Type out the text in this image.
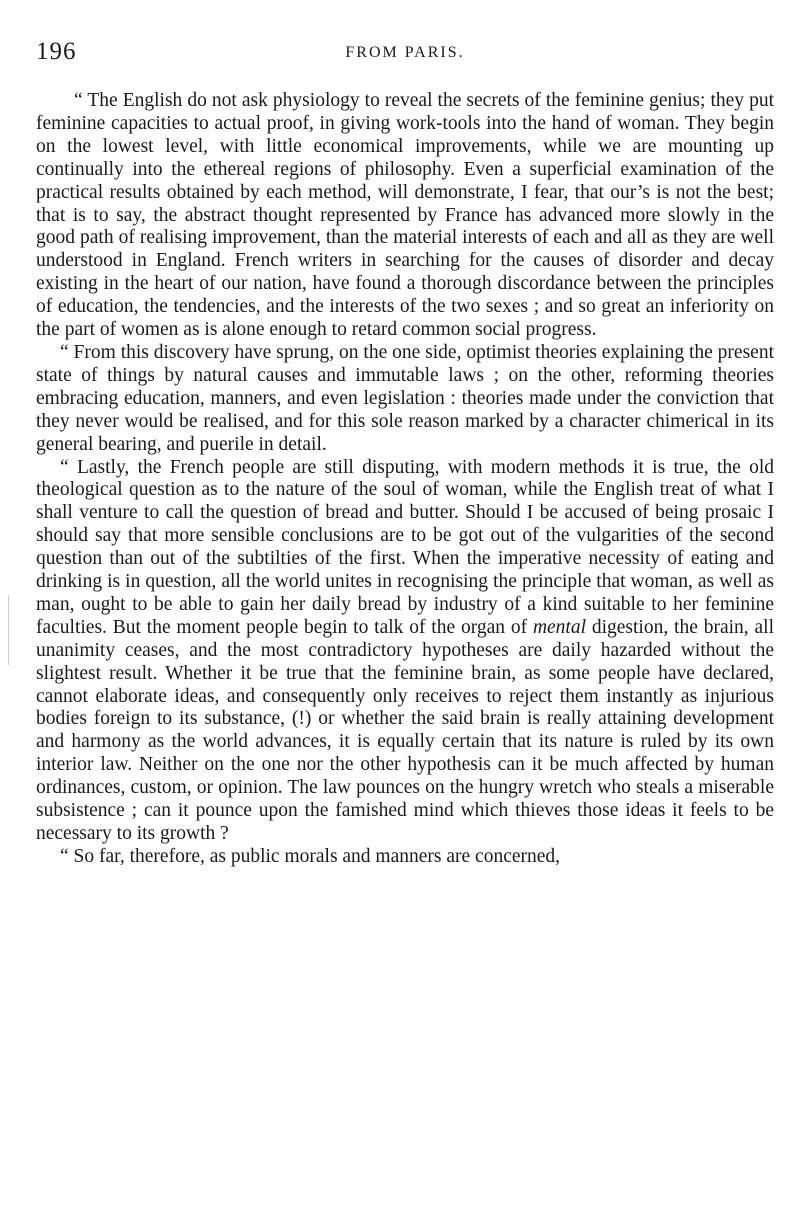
196	FROM PARIS.

“ The English do not ask physiology to reveal the secrets of the feminine genius; they put feminine capacities to actual proof, in giving work-tools into the hand of woman. They begin on the lowest level, with little economical improvements, while we are mounting up continually into the ethereal regions of philosophy. Even a superficial examination of the practical results obtained by each method, will demonstrate, I fear, that our’s is not the best; that is to say, the abstract thought represented by France has advanced more slowly in the good path of realising improvement, than the material interests of each and all as they are well understood in England. French writers in searching for the causes of disorder and decay existing in the heart of our nation, have found a thorough discordance between the principles of education, the tendencies, and the interests of the two sexes ; and so great an inferiority on the part of women as is alone enough to retard common social progress.

“ From this discovery have sprung, on the one side, optimist theories explaining the present state of things by natural causes and immutable laws ; on the other, reforming theories embracing education, manners, and even legislation : theories made under the conviction that they never would be realised, and for this sole reason marked by a character chimerical in its general bearing, and puerile in detail.

“ Lastly, the French people are still disputing, with modern methods it is true, the old theological question as to the nature of the soul of woman, while the English treat of what I shall venture to call the question of bread and butter. Should I be accused of being prosaic I should say that more sensible conclusions are to be got out of the vulgarities of the second question than out of the subtilties of the first. When the imperative necessity of eating and drinking is in question, all the world unites in recognising the principle that woman, as well as man, ought to be able to gain her daily bread by industry of a kind suitable to her feminine faculties. But the moment people begin to talk of the organ of mental digestion, the brain, all unanimity ceases, and the most contradictory hypotheses are daily hazarded without the slightest result. Whether it be true that the feminine brain, as some people have declared, cannot elaborate ideas, and consequently only receives to reject them instantly as injurious bodies foreign to its substance, (!) or whether the said brain is really attaining development and harmony as the world advances, it is equally certain that its nature is ruled by its own interior law. Neither on the one nor the other hypothesis can it be much affected by human ordinances, custom, or opinion. The law pounces on the hungry wretch who steals a miserable subsistence ; can it pounce upon the famished mind which thieves those ideas it feels to be necessary to its growth ?

“ So far, therefore, as public morals and manners are concerned,
